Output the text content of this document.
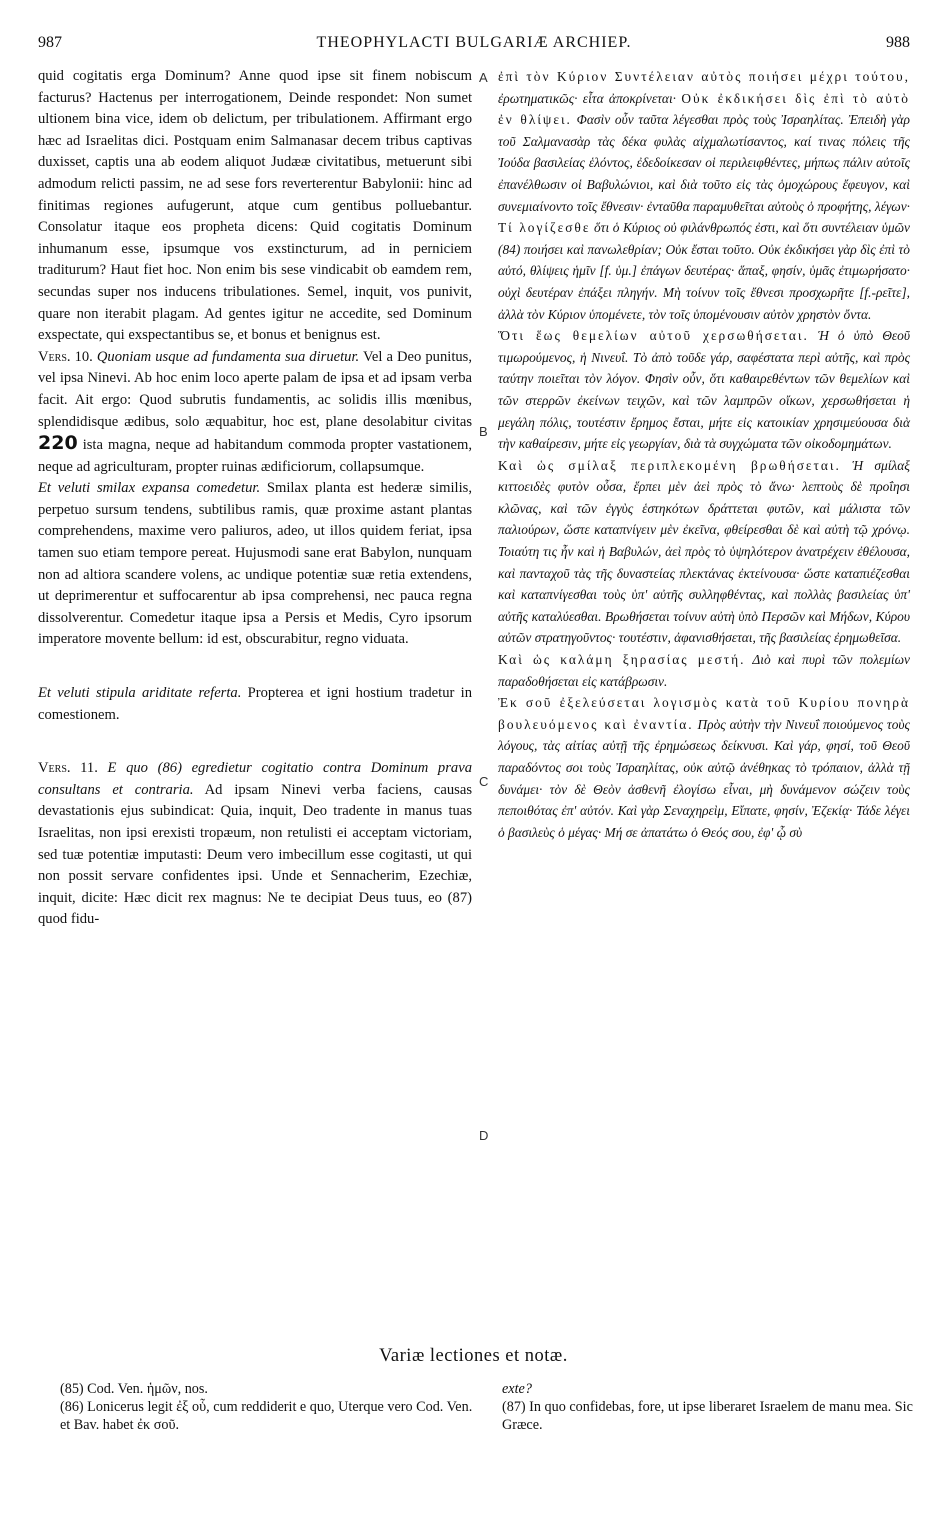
987	THEOPHYLACTI BULGARIÆ ARCHIEP.	988
A
B
C
D

quid cogitatis erga Dominum? Anne quod ipse sit finem nobiscum facturus? Hactenus per interrogationem, Deinde respondet: Non sumet ultionem bina vice, idem ob delictum, per tribulationem. Affirmant ergo hæc ad Israelitas dici. Postquam enim Salmanasar decem tribus captivas duxisset, captis una ab eodem aliquot Judææ civitatibus, metuerunt sibi admodum relicti passim, ne ad sese fors reverterentur Babylonii: hinc ad finitimas regiones aufugerunt, atque cum gentibus polluebantur. Consolatur itaque eos propheta dicens: Quid cogitatis Dominum inhumanum esse, ipsumque vos exstincturum, ad in perniciem traditurum? Haut fiet hoc. Non enim bis sese vindicabit ob eamdem rem, secundas super nos inducens tribulationes. Semel, inquit, vos punivit, quare non iterabit plagam. Ad gentes igitur ne accedite, sed Dominum exspectate, qui exspectantibus se, et bonus et benignus est.

Vers. 10. Quoniam usque ad fundamenta sua diruetur. Vel a Deo punitus, vel ipsa Ninevi. Ab hoc enim loco aperte palam de ipsa et ad ipsam verba facit. Ait ergo: Quod subrutis fundamentis, ac solidis illis mœnibus, splendidisque ædibus, solo æquabitur, hoc est, plane desolabitur civitas 220 ista magna, neque ad habitandum commoda propter vastationem, neque ad agriculturam, propter ruinas ædificiorum, collapsumque.

Et veluti smilax expansa comedetur. Smilax planta est hederæ similis, perpetuo sursum tendens, subtilibus ramis, quæ proxime astant plantas comprehendens, maxime vero paliuros, adeo, ut illos quidem feriat, ipsa tamen suo etiam tempore pereat. Hujusmodi sane erat Babylon, nunquam non ad altiora scandere volens, ac undique potentiæ suæ retia extendens, ut deprimerentur et suffocarentur ab ipsa comprehensi, nec pauca regna dissolverentur. Comedetur itaque ipsa a Persis et Medis, Cyro ipsorum imperatore movente bellum: id est, obscurabitur, regno viduata.

Et veluti stipula ariditate referta. Propterea et igni hostium tradetur in comestionem.

Vers. 11. E quo (86) egredietur cogitatio contra Dominum prava consultans et contraria. Ad ipsam Ninevi verba faciens, causas devastationis ejus subindicat: Quia, inquit, Deo tradente in manus tuas Israelitas, non ipsi erexisti tropæum, non retulisti ei acceptam victoriam, sed tuæ potentiæ imputasti: Deum vero imbecillum esse cogitasti, ut qui non possit servare confidentes ipsi. Unde et Sennacherim, Ezechiæ, inquit, dicite: Hæc dicit rex magnus: Ne te decipiat Deus tuus, eo (87) quod fidu-

ἐπὶ τὸν Κύριον Συντέλειαν αὐτὸς ποιήσει μέχρι τούτου, ἐρωτηματικῶς· εἶτα ἀποκρίνεται· Οὐκ ἐκδικήσει δὶς ἐπὶ τὸ αὐτὸ ἐν θλίψει. Φασὶν οὖν ταῦτα λέγεσθαι πρὸς τοὺς Ἰσραηλίτας. Ἐπειδὴ γὰρ τοῦ Σαλμανασὰρ τὰς δέκα φυλὰς αἰχμαλωτίσαντος, καί τινας πόλεις τῆς Ἰούδα βασιλείας ἑλόντος, ἐδεδοίκεσαν οἱ περιλειφθέντες, μήπως πάλιν αὐτοῖς ἐπανέλθωσιν οἱ Βαβυλώνιοι, καὶ διὰ τοῦτο εἰς τὰς ὁμοχώρους ἔφευγον, καὶ συνεμιαίνοντο τοῖς ἔθνεσιν· ἐνταῦθα παραμυθεῖται αὐτοὺς ὁ προφήτης, λέγων· Τί λογίζεσθε ὅτι ὁ Κύριος οὐ φιλάνθρωπός ἐστι, καὶ ὅτι συντέλειαν ὑμῶν (84) ποιήσει καὶ πανωλεθρίαν; Οὐκ ἔσται τοῦτο. Οὐκ ἐκδικήσει γὰρ δὶς ἐπὶ τὸ αὐτό, θλίψεις ἡμῖν [f. ὑμ.] ἐπάγων δευτέρας· ἅπαξ, φησίν, ὑμᾶς ἐτιμωρήσατο· οὐχὶ δευτέραν ἐπάξει πληγήν. Μὴ τοίνυν τοῖς ἔθνεσι προσχωρῆτε [f.-ρεῖτε], ἀλλὰ τὸν Κύριον ὑπομένετε, τὸν τοῖς ὑπομένουσιν αὐτὸν χρηστὸν ὄντα.

Ὅτι ἕως θεμελίων αὐτοῦ χερσωθήσεται. Ἡ ὁ ὑπὸ Θεοῦ τιμωρούμενος, ἡ Νινευΐ. Τὸ ἀπὸ τοῦδε γάρ, σαφέστατα περὶ αὐτῆς, καὶ πρὸς ταύτην ποιεῖται τὸν λόγον. Φησὶν οὖν, ὅτι καθαιρεθέντων τῶν θεμελίων καὶ τῶν στερρῶν ἐκείνων τειχῶν, καὶ τῶν λαμπρῶν οἴκων, χερσωθήσεται ἡ μεγάλη πόλις, τουτέστιν ἔρημος ἔσται, μήτε εἰς κατοικίαν χρησιμεύουσα διὰ τὴν καθαίρεσιν, μήτε εἰς γεωργίαν, διὰ τὰ συγχώματα τῶν οἰκοδομημάτων.

Καὶ ὡς σμίλαξ περιπλεκομένη βρωθήσεται. Ἡ σμίλαξ κιττοειδὲς φυτὸν οὖσα, ἕρπει μὲν ἀεὶ πρὸς τὸ ἄνω· λεπτοὺς δὲ προΐησι κλῶνας, καὶ τῶν ἐγγὺς ἑστηκότων δράττεται φυτῶν, καὶ μάλιστα τῶν παλιούρων, ὥστε καταπνίγειν μὲν ἐκεῖνα, φθείρεσθαι δὲ καὶ αὐτὴ τῷ χρόνῳ. Τοιαύτη τις ἦν καὶ ἡ Βαβυλών, ἀεὶ πρὸς τὸ ὑψηλότερον ἀνατρέχειν ἐθέλουσα, καὶ πανταχοῦ τὰς τῆς δυναστείας πλεκτάνας ἐκτείνουσα· ὥστε καταπιέζεσθαι καὶ καταπνίγεσθαι τοὺς ὑπ' αὐτῆς συλληφθέντας, καὶ πολλὰς βασιλείας ὑπ' αὐτῆς καταλύεσθαι. Βρωθήσεται τοίνυν αὐτὴ ὑπὸ Περσῶν καὶ Μήδων, Κύρου αὐτῶν στρατηγοῦντος· τουτέστιν, ἀφανισθήσεται, τῆς βασιλείας ἐρημωθεῖσα.

Καὶ ὡς καλάμη ξηρασίας μεστή. Διὸ καὶ πυρὶ τῶν πολεμίων παραδοθήσεται εἰς κατάβρωσιν.

Ἐκ σοῦ ἐξελεύσεται λογισμὸς κατὰ τοῦ Κυρίου πονηρὰ βουλευόμενος καὶ ἐναντία. Πρὸς αὐτὴν τὴν Νινευΐ ποιούμενος τοὺς λόγους, τὰς αἰτίας αὐτῇ τῆς ἐρημώσεως δείκνυσι. Καὶ γάρ, φησί, τοῦ Θεοῦ παραδόντος σοι τοὺς Ἰσραηλίτας, οὐκ αὐτῷ ἀνέθηκας τὸ τρόπαιον, ἀλλὰ τῇ δυνάμει· τὸν δὲ Θεὸν ἀσθενῆ ἐλογίσω εἶναι, μὴ δυνάμενον σώζειν τοὺς πεποιθότας ἐπ' αὐτόν. Καὶ γὰρ Σεναχηρεὶμ, Εἴπατε, φησίν, Ἐζεκίᾳ· Τάδε λέγει ὁ βασιλεὺς ὁ μέγας· Μή σε ἀπατάτω ὁ Θεός σου, ἐφ' ᾧ σὺ

Variæ lectiones et notæ.

(85) Cod. Ven. ἡμῶν, nos.

(86) Lonicerus legit ἐξ οὗ, cum reddiderit e quo, Uterque vero Cod. Ven. et Bav. habet ἐκ σοῦ.

exte?

(87) In quo confidebas, fore, ut ipse liberaret Israelem de manu mea. Sic Græce.
